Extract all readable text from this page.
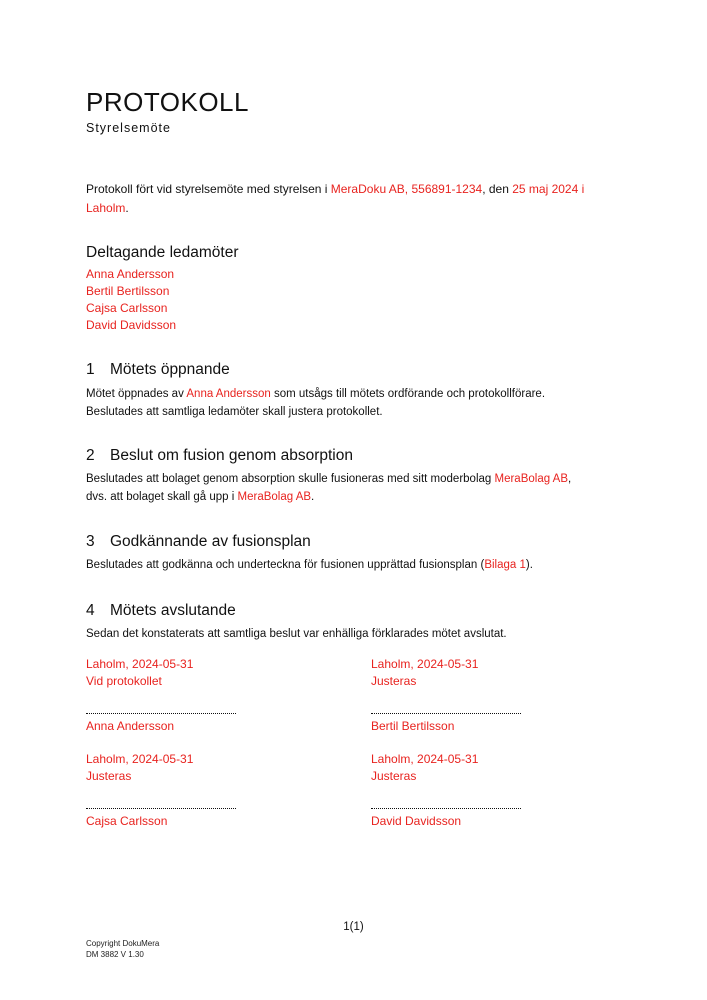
PROTOKOLL
Styrelsemöte

Protokoll fört vid styrelsemöte med styrelsen i MeraDoku AB, 556891-1234, den 25 maj 2024 i Laholm.

Deltagande ledamöter
Anna Andersson
Bertil Bertilsson
Cajsa Carlsson
David Davidsson
1 Mötets öppnande

Mötet öppnades av Anna Andersson som utsågs till mötets ordförande och protokollförare.
Beslutades att samtliga ledamöter skall justera protokollet.

2 Beslut om fusion genom absorption

Beslutades att bolaget genom absorption skulle fusioneras med sitt moderbolag MeraBolag AB,
dvs. att bolaget skall gå upp i MeraBolag AB.

3 Godkännande av fusionsplan

Beslutades att godkänna och underteckna för fusionen upprättad fusionsplan (Bilaga 1).

4 Mötets avslutande

Sedan det konstaterats att samtliga beslut var enhälliga förklarades mötet avslutat.

Laholm, 2024-05-31
Vid protokollet
Anna Andersson
Laholm, 2024-05-31
Justeras
Bertil Bertilsson
Laholm, 2024-05-31
Justeras
Cajsa Carlsson
Laholm, 2024-05-31
Justeras
David Davidsson
1(1)
Copyright DokuMera
DM 3882 V 1.30
